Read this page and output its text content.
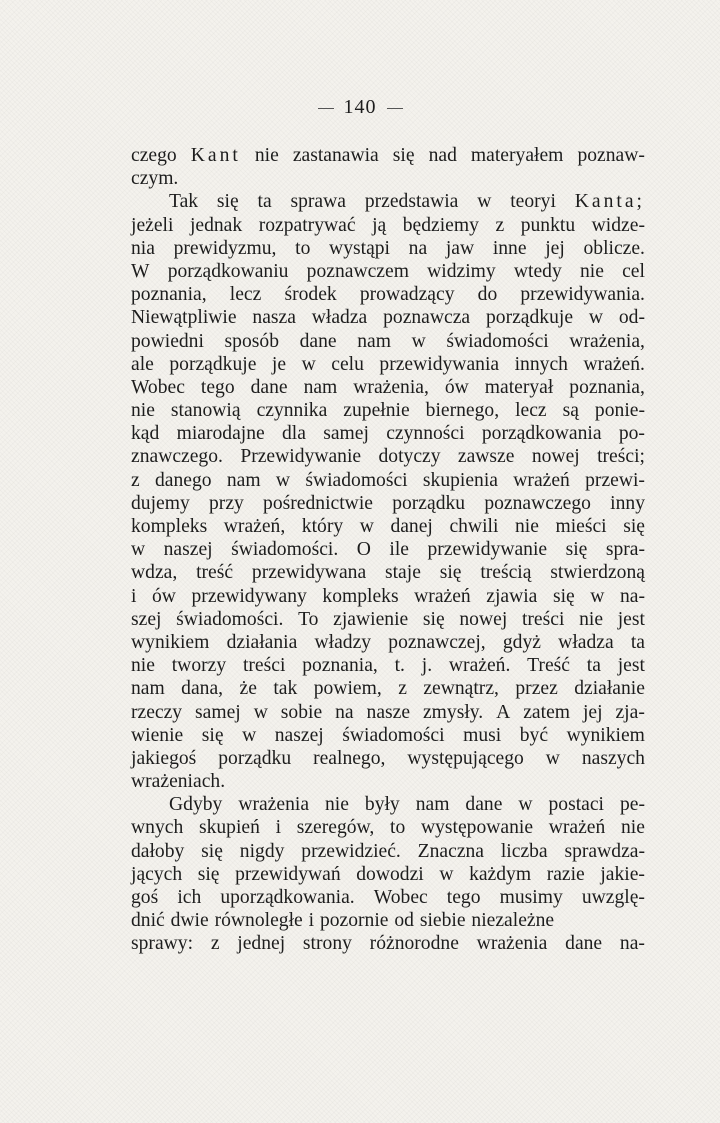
140
czego Kant nie zastanawia się nad materyałem poznaw-
czym.
Tak się ta sprawa przedstawia w teoryi Kanta;
jeżeli jednak rozpatrywać ją będziemy z punktu widze-
nia prewidyzmu, to wystąpi na jaw inne jej oblicze.
W porządkowaniu poznawczem widzimy wtedy nie cel
poznania, lecz środek prowadzący do przewidywania.
Niewątpliwie nasza władza poznawcza porządkuje w od-
powiedni sposób dane nam w świadomości wrażenia,
ale porządkuje je w celu przewidywania innych wrażeń.
Wobec tego dane nam wrażenia, ów materyał poznania,
nie stanowią czynnika zupełnie biernego, lecz są ponie-
kąd miarodajne dla samej czynności porządkowania po-
znawczego. Przewidywanie dotyczy zawsze nowej treści;
z danego nam w świadomości skupienia wrażeń przewi-
dujemy przy pośrednictwie porządku poznawczego inny
kompleks wrażeń, który w danej chwili nie mieści się
w naszej świadomości. O ile przewidywanie się spra-
wdza, treść przewidywana staje się treścią stwierdzoną
i ów przewidywany kompleks wrażeń zjawia się w na-
szej świadomości. To zjawienie się nowej treści nie jest
wynikiem działania władzy poznawczej, gdyż władza ta
nie tworzy treści poznania, t. j. wrażeń. Treść ta jest
nam dana, że tak powiem, z zewnątrz, przez działanie
rzeczy samej w sobie na nasze zmysły. A zatem jej zja-
wienie się w naszej świadomości musi być wynikiem
jakiegoś porządku realnego, występującego w naszych
wrażeniach.
Gdyby wrażenia nie były nam dane w postaci pe-
wnych skupień i szeregów, to występowanie wrażeń nie
dałoby się nigdy przewidzieć. Znaczna liczba sprawdza-
jących się przewidywań dowodzi w każdym razie jakie-
goś ich uporządkowania. Wobec tego musimy uwzglę-
dnić dwie równoległe i pozornie od siebie niezależne
sprawy: z jednej strony różnorodne wrażenia dane na-
